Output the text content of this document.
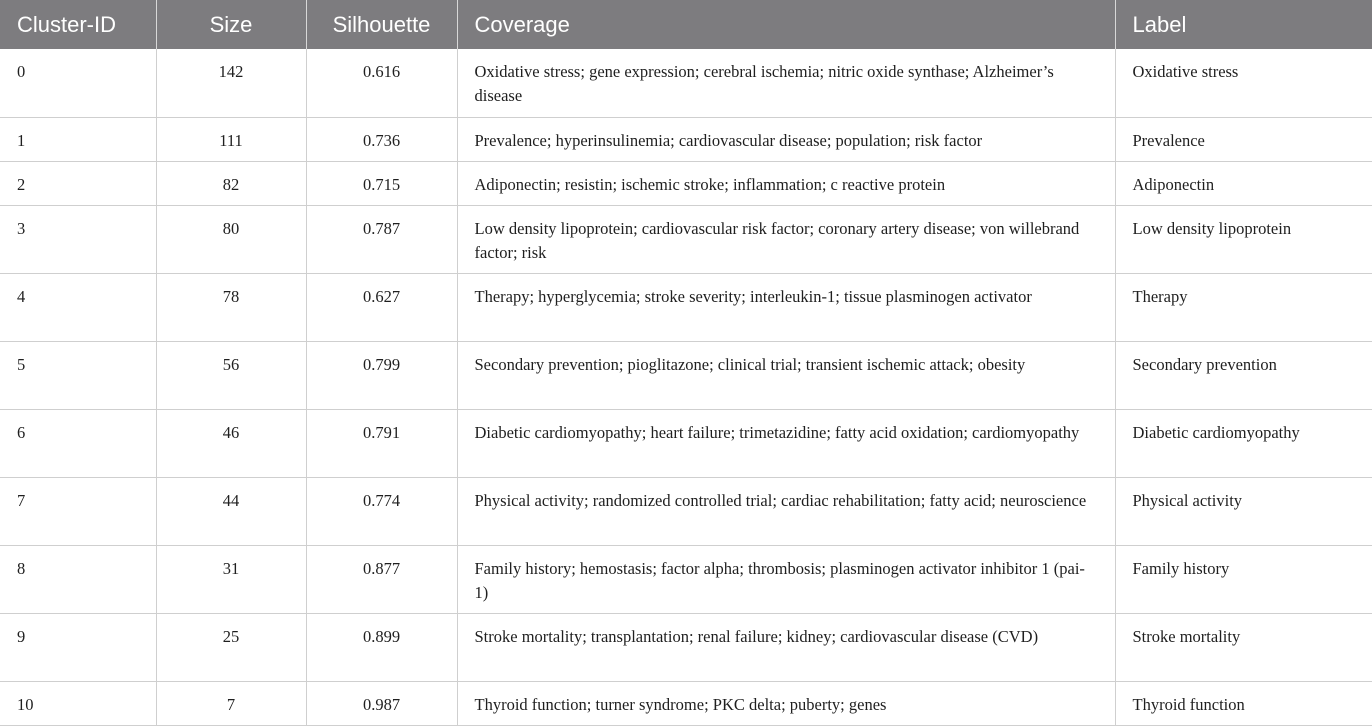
Cluster-ID	Size	Silhouette	Coverage	Label
0	142	0.616	Oxidative stress; gene expression; cerebral ischemia; nitric oxide synthase; Alzheimer’s disease	Oxidative stress
1	111	0.736	Prevalence; hyperinsulinemia; cardiovascular disease; population; risk factor	Prevalence
2	82	0.715	Adiponectin; resistin; ischemic stroke; inflammation; c reactive protein	Adiponectin
3	80	0.787	Low density lipoprotein; cardiovascular risk factor; coronary artery disease; von willebrand factor; risk	Low density lipoprotein
4	78	0.627	Therapy; hyperglycemia; stroke severity; interleukin-1; tissue plasminogen activator	Therapy
5	56	0.799	Secondary prevention; pioglitazone; clinical trial; transient ischemic attack; obesity	Secondary prevention
6	46	0.791	Diabetic cardiomyopathy; heart failure; trimetazidine; fatty acid oxidation; cardiomyopathy	Diabetic cardiomyopathy
7	44	0.774	Physical activity; randomized controlled trial; cardiac rehabilitation; fatty acid; neuroscience	Physical activity
8	31	0.877	Family history; hemostasis; factor alpha; thrombosis; plasminogen activator inhibitor 1 (pai-1)	Family history
9	25	0.899	Stroke mortality; transplantation; renal failure; kidney; cardiovascular disease (CVD)	Stroke mortality
10	7	0.987	Thyroid function; turner syndrome; PKC delta; puberty; genes	Thyroid function
